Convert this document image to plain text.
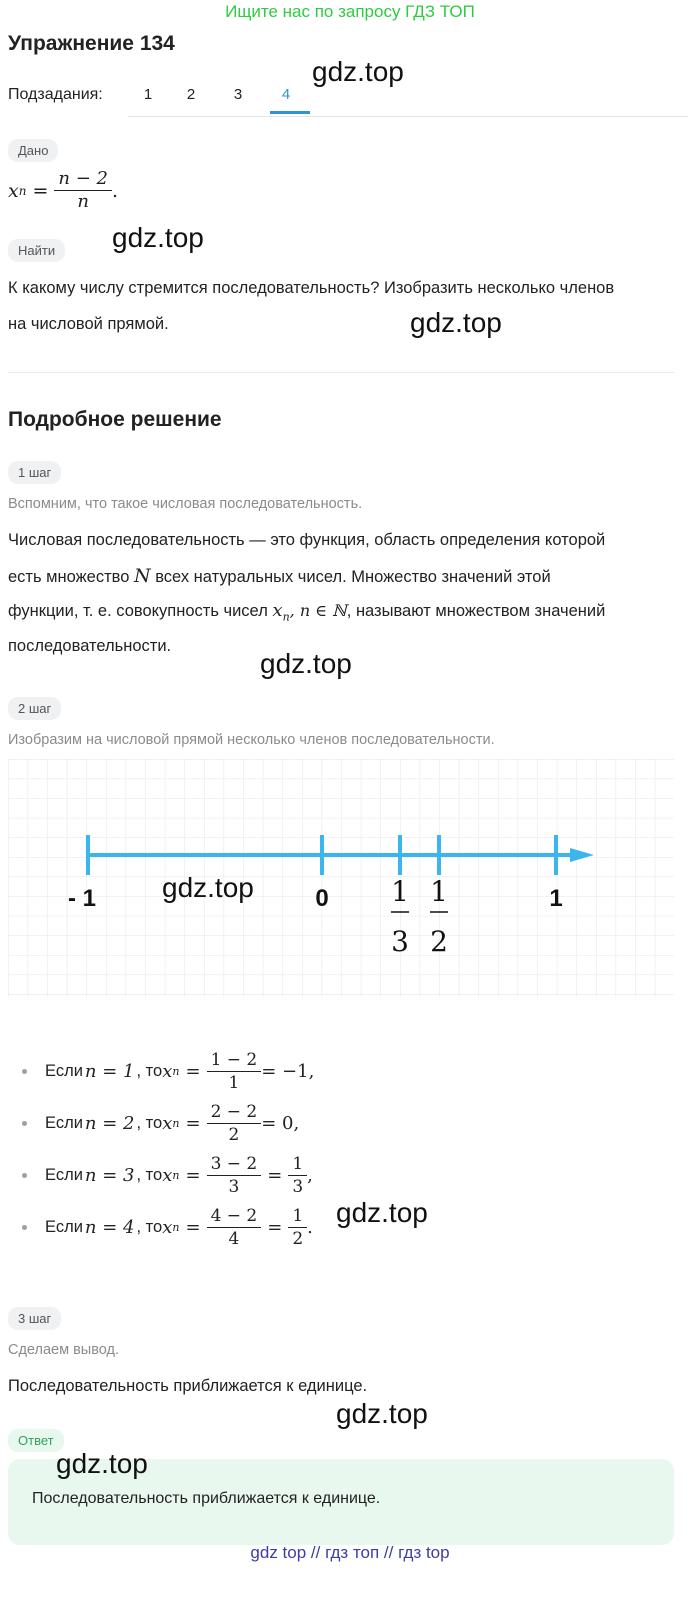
Ищите нас по запросу ГДЗ ТОП
Упражнение 134
Подзадания:	1	2	3	4
gdz.top
Дано
x $n = \frac{n - 2}{n}$ .
Найти	gdz.top
К какому числу стремится последовательность? Изобразить несколько членов
на числовой прямой.	gdz.top
Подробное решение
1 шаг
Вспомним, что такое числовая последовательность.
Числовая последовательность — это функция, область определения которой
есть множество N всех натуральных чисел. Множество значений этой
функции, т. е. совокупность чисел $x_n$, n ∈ ℕ, называют множеством значений
последовательности.
gdz.top
2 шаг
Изобразим на числовой прямой несколько членов последовательности.
- 1	0	1
1
3
1
2
gdz.top
Если n = 1 , то x $n = \frac{1 - 2}{1} = -1$,
Если n = 2 , то x $n = \frac{2 - 2}{2} = 0$,
Если n = 3 , то x $n = \frac{3 - 2}{3} = \frac{1}{3}$ ,
Если n = 4 , то x $n = \frac{4 - 2}{4} = \frac{1}{2}$ . gdz.top
3 шаг
Сделаем вывод.
Последовательность приближается к единице.
gdz.top
Ответ
Последовательность приближается к единице.
gdz.top
gdz top // гдз топ // гдз top
